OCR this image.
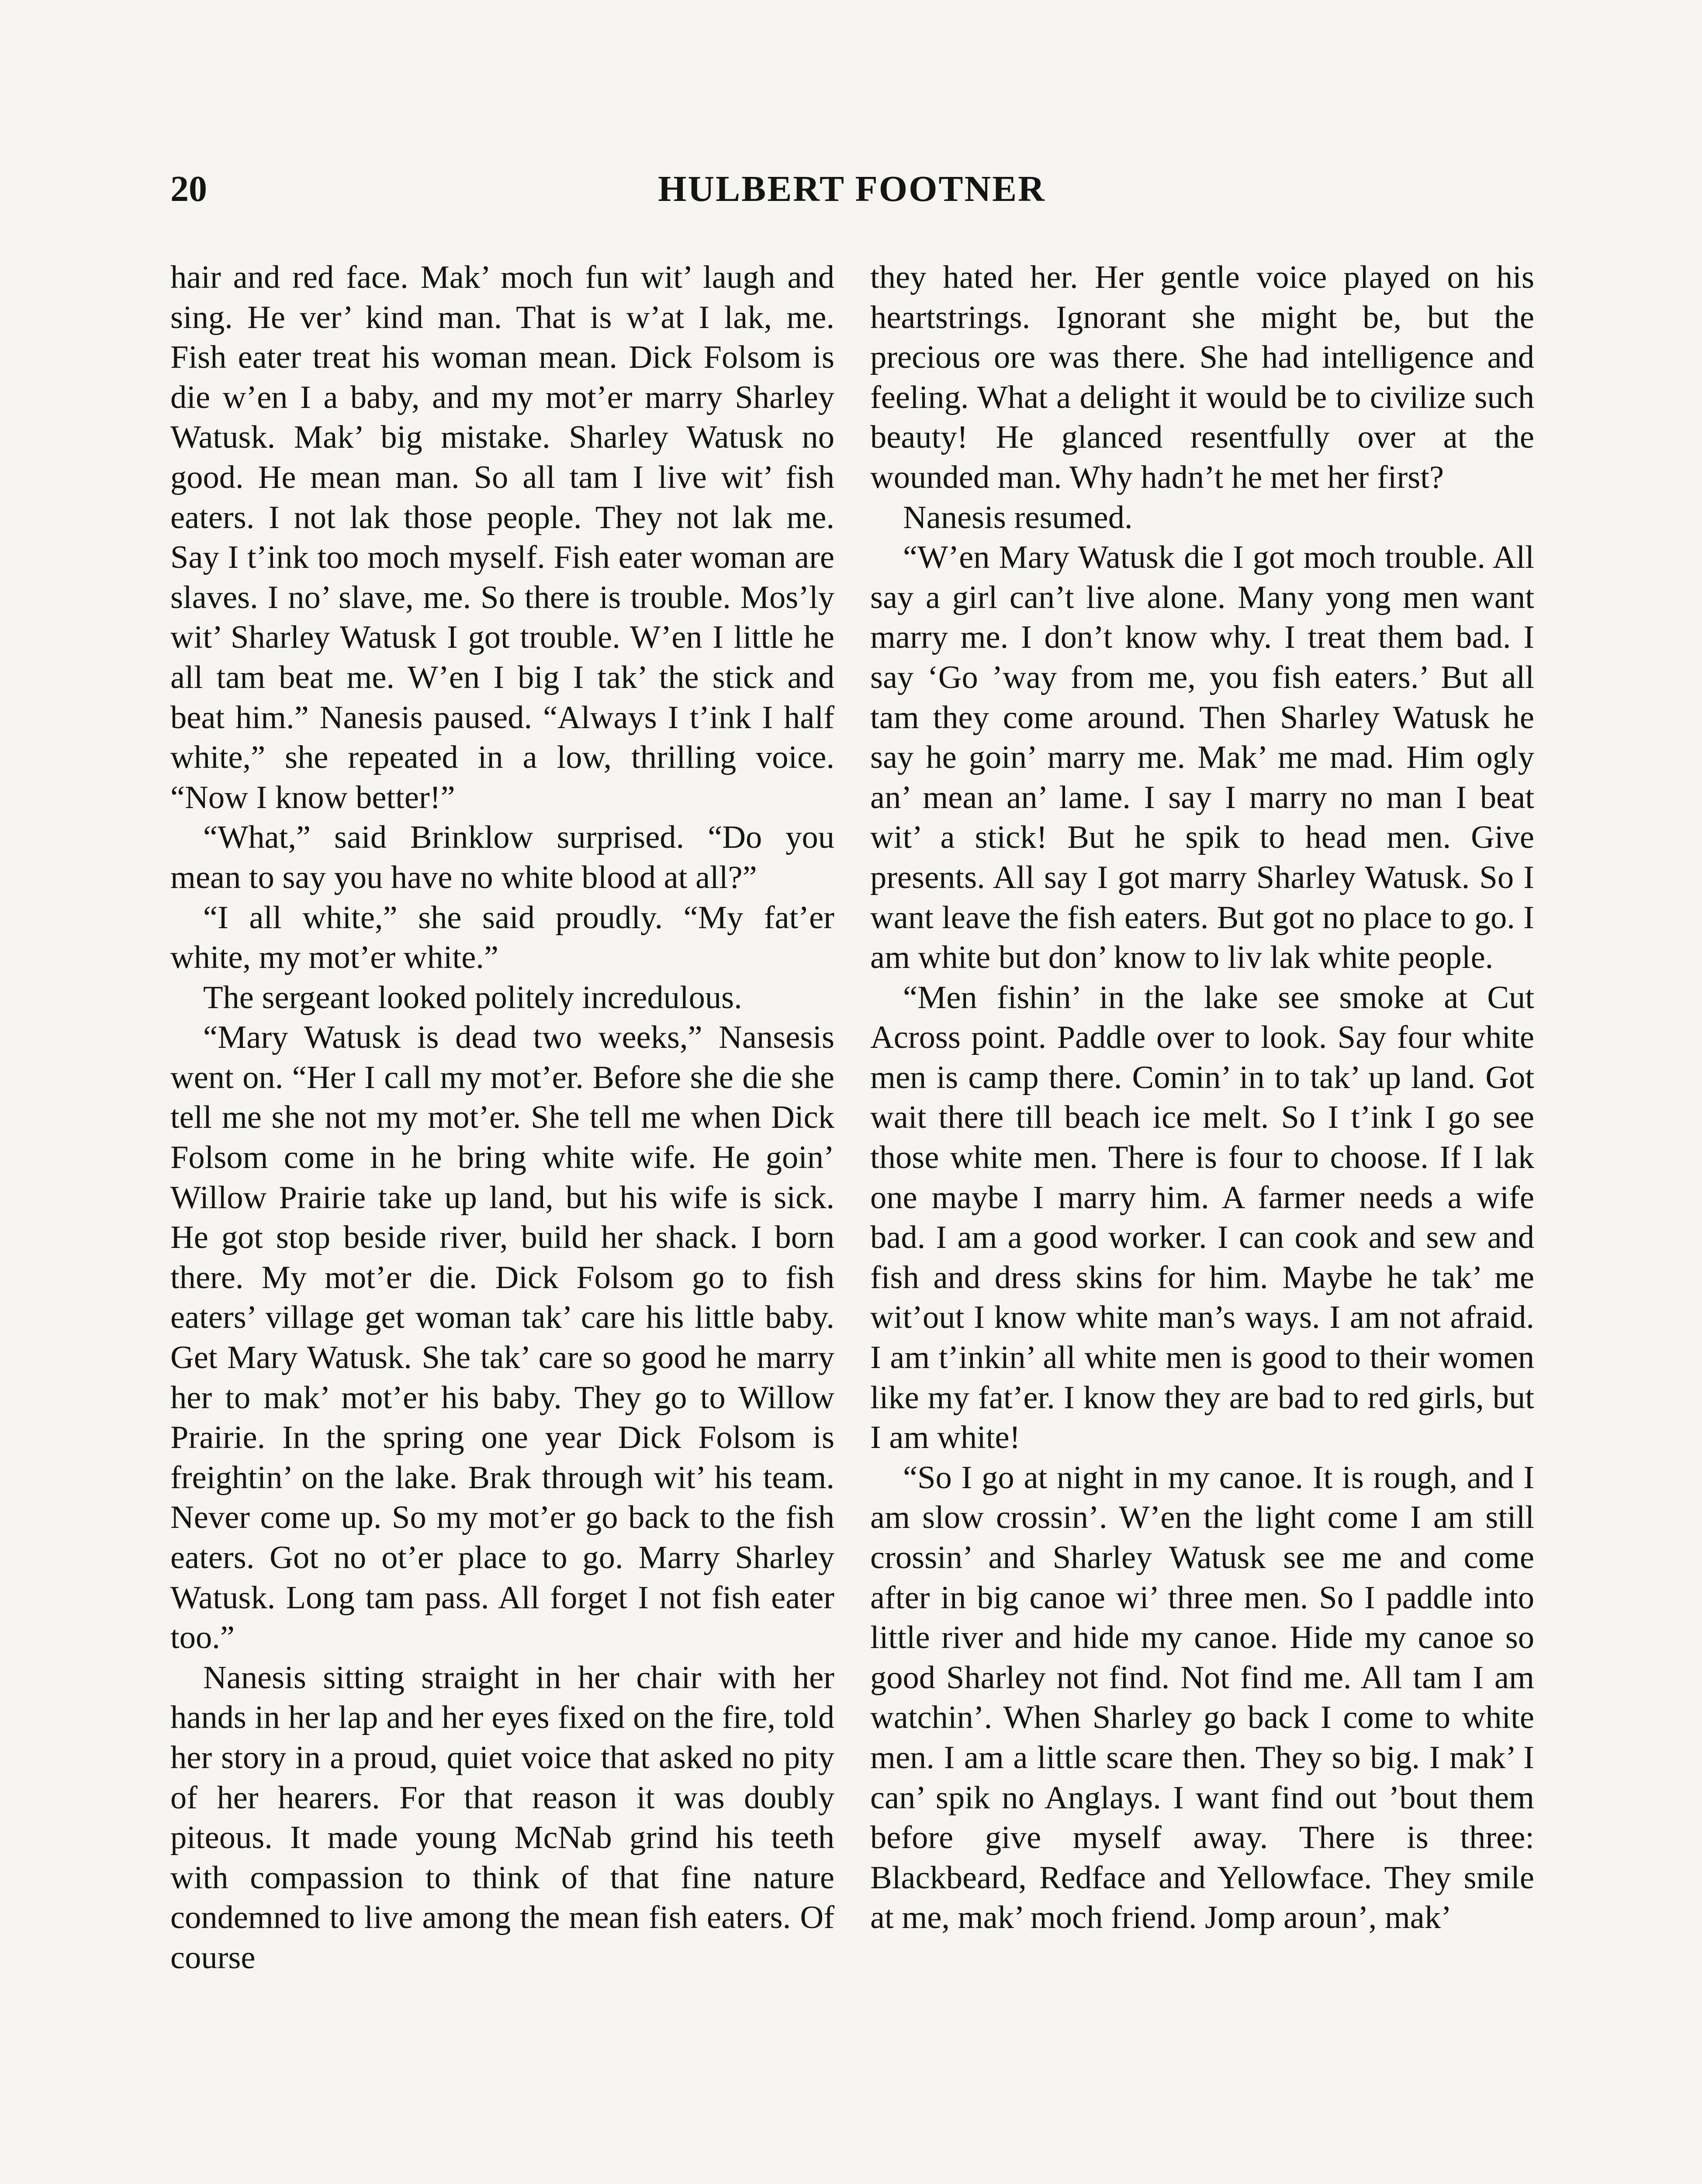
20	HULBERT FOOTNER

hair and red face. Mak’ moch fun wit’ laugh and sing. He ver’ kind man. That is w’at I lak, me. Fish eater treat his woman mean. Dick Folsom is die w’en I a baby, and my mot’er marry Sharley Watusk. Mak’ big mistake. Sharley Watusk no good. He mean man. So all tam I live wit’ fish eaters. I not lak those people. They not lak me. Say I t’ink too moch myself. Fish eater woman are slaves. I no’ slave, me. So there is trouble. Mos’ly wit’ Sharley Watusk I got trouble. W’en I little he all tam beat me. W’en I big I tak’ the stick and beat him.” Nanesis paused. “Always I t’ink I half white,” she repeated in a low, thrilling voice. “Now I know better!”

“What,” said Brinklow surprised. “Do you mean to say you have no white blood at all?”

“I all white,” she said proudly. “My fat’er white, my mot’er white.”

The sergeant looked politely incredulous.

“Mary Watusk is dead two weeks,” Nansesis went on. “Her I call my mot’er. Before she die she tell me she not my mot’er. She tell me when Dick Folsom come in he bring white wife. He goin’ Willow Prairie take up land, but his wife is sick. He got stop beside river, build her shack. I born there. My mot’er die. Dick Folsom go to fish eaters’ village get woman tak’ care his little baby. Get Mary Watusk. She tak’ care so good he marry her to mak’ mot’er his baby. They go to Willow Prairie. In the spring one year Dick Folsom is freightin’ on the lake. Brak through wit’ his team. Never come up. So my mot’er go back to the fish eaters. Got no ot’er place to go. Marry Sharley Watusk. Long tam pass. All forget I not fish eater too.”

Nanesis sitting straight in her chair with her hands in her lap and her eyes fixed on the fire, told her story in a proud, quiet voice that asked no pity of her hearers. For that reason it was doubly piteous. It made young McNab grind his teeth with compassion to think of that fine nature condemned to live among the mean fish eaters. Of course

they hated her. Her gentle voice played on his heartstrings. Ignorant she might be, but the precious ore was there. She had intelligence and feeling. What a delight it would be to civilize such beauty! He glanced resentfully over at the wounded man. Why hadn’t he met her first?

Nanesis resumed.

“W’en Mary Watusk die I got moch trouble. All say a girl can’t live alone. Many yong men want marry me. I don’t know why. I treat them bad. I say ‘Go ’way from me, you fish eaters.’ But all tam they come around. Then Sharley Watusk he say he goin’ marry me. Mak’ me mad. Him ogly an’ mean an’ lame. I say I marry no man I beat wit’ a stick! But he spik to head men. Give presents. All say I got marry Sharley Watusk. So I want leave the fish eaters. But got no place to go. I am white but don’ know to liv lak white people.

“Men fishin’ in the lake see smoke at Cut Across point. Paddle over to look. Say four white men is camp there. Comin’ in to tak’ up land. Got wait there till beach ice melt. So I t’ink I go see those white men. There is four to choose. If I lak one maybe I marry him. A farmer needs a wife bad. I am a good worker. I can cook and sew and fish and dress skins for him. Maybe he tak’ me wit’out I know white man’s ways. I am not afraid. I am t’inkin’ all white men is good to their women like my fat’er. I know they are bad to red girls, but I am white!

“So I go at night in my canoe. It is rough, and I am slow crossin’. W’en the light come I am still crossin’ and Sharley Watusk see me and come after in big canoe wi’ three men. So I paddle into little river and hide my canoe. Hide my canoe so good Sharley not find. Not find me. All tam I am watchin’. When Sharley go back I come to white men. I am a little scare then. They so big. I mak’ I can’ spik no Anglays. I want find out ’bout them before give myself away. There is three: Blackbeard, Redface and Yellowface. They smile at me, mak’ moch friend. Jomp aroun’, mak’
